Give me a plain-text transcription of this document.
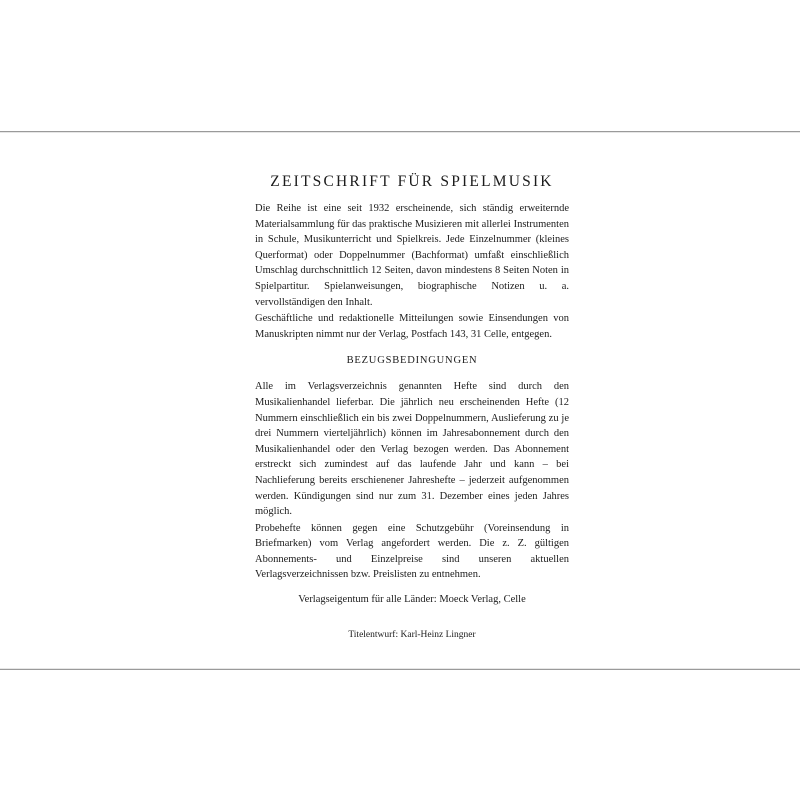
ZEITSCHRIFT FÜR SPIELMUSIK

Die Reihe ist eine seit 1932 erscheinende, sich ständig erweiternde Materialsammlung für das praktische Musizieren mit allerlei Instrumenten in Schule, Musikunterricht und Spielkreis. Jede Einzelnummer (kleines Querformat) oder Doppelnummer (Bachformat) umfaßt einschließlich Umschlag durchschnittlich 12 Seiten, davon mindestens 8 Seiten Noten in Spielpartitur. Spielanweisungen, biographische Notizen u. a. vervollständigen den Inhalt.

Geschäftliche und redaktionelle Mitteilungen sowie Einsendungen von Manuskripten nimmt nur der Verlag, Postfach 143, 31 Celle, entgegen.

BEZUGSBEDINGUNGEN

Alle im Verlagsverzeichnis genannten Hefte sind durch den Musikalienhandel lieferbar. Die jährlich neu erscheinenden Hefte (12 Nummern einschließlich ein bis zwei Doppelnummern, Auslieferung zu je drei Nummern vierteljährlich) können im Jahresabonnement durch den Musikalienhandel oder den Verlag bezogen werden. Das Abonnement erstreckt sich zumindest auf das laufende Jahr und kann – bei Nachlieferung bereits erschienener Jahreshefte – jederzeit aufgenommen werden. Kündigungen sind nur zum 31. Dezember eines jeden Jahres möglich.

Probehefte können gegen eine Schutzgebühr (Voreinsendung in Briefmarken) vom Verlag angefordert werden. Die z. Z. gültigen Abonnements- und Einzelpreise sind unseren aktuellen Verlagsverzeichnissen bzw. Preislisten zu entnehmen.

Verlagseigentum für alle Länder: Moeck Verlag, Celle

Titelentwurf: Karl-Heinz Lingner
